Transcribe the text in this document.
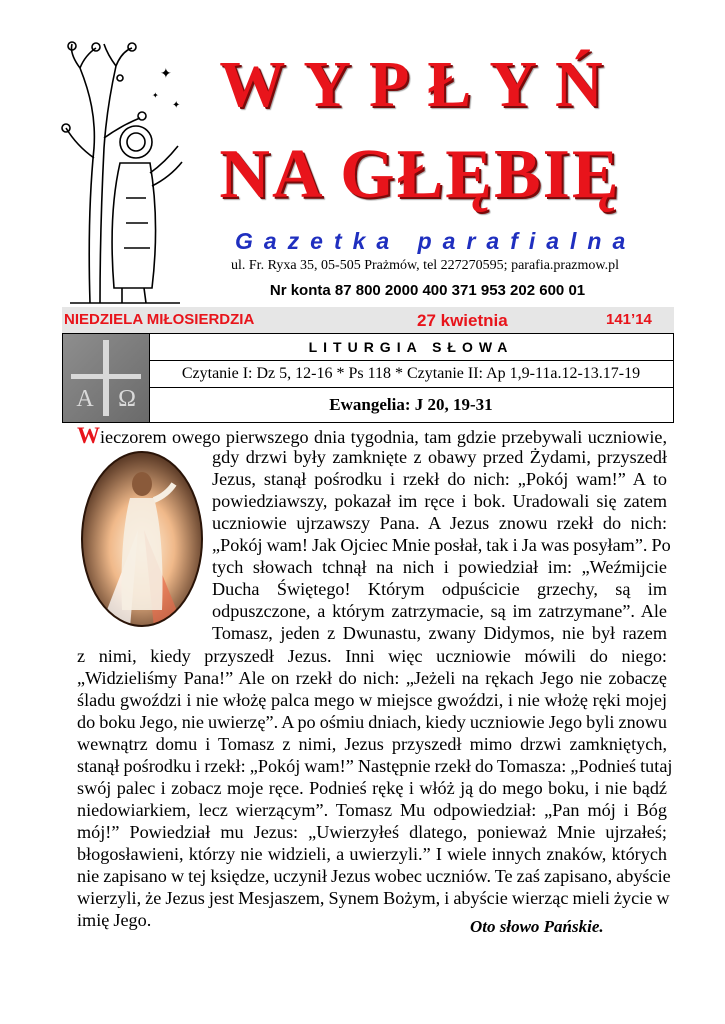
✦
✦
✦ WYPŁYŃ
NA GŁĘBIĘ
Gazetka parafialna
ul. Fr. Ryxa 35, 05-505 Prażmów, tel 227270595; parafia.prazmow.pl
Nr konta 87 800 2000 400 371 953 202 600 01
NIEDZIELA MIŁOSIERDZIA	27 kwietnia	141’14
A Ω
LITURGIA SŁOWA
Czytanie I: Dz 5, 12-16 * Ps 118 * Czytanie II: Ap 1,9-11a.12-13.17-19
Ewangelia: J 20, 19-31
Wieczorem owego pierwszego dnia tygodnia, tam gdzie przebywali uczniowie,
gdy drzwi były zamknięte z obawy przed Żydami, przyszedł
Jezus, stanął pośrodku i rzekł do nich: „Pokój wam!” A to
powiedziawszy, pokazał im ręce i bok. Uradowali się zatem
uczniowie ujrzawszy Pana. A Jezus znowu rzekł do nich:
„Pokój wam! Jak Ojciec Mnie posłał, tak i Ja was posyłam”. Po
tych słowach tchnął na nich i powiedział im: „Weźmijcie
Ducha Świętego! Którym odpuścicie grzechy, są im
odpuszczone, a którym zatrzymacie, są im zatrzymane”. Ale
Tomasz, jeden z Dwunastu, zwany Didymos, nie był razem
z nimi, kiedy przyszedł Jezus. Inni więc uczniowie mówili do niego:
„Widzieliśmy Pana!” Ale on rzekł do nich: „Jeżeli na rękach Jego nie zobaczę
śladu gwoździ i nie włożę palca mego w miejsce gwoździ, i nie włożę ręki mojej
do boku Jego, nie uwierzę”. A po ośmiu dniach, kiedy uczniowie Jego byli znowu
wewnątrz domu i Tomasz z nimi, Jezus przyszedł mimo drzwi zamkniętych,
stanął pośrodku i rzekł: „Pokój wam!” Następnie rzekł do Tomasza: „Podnieś tutaj
swój palec i zobacz moje ręce. Podnieś rękę i włóż ją do mego boku, i nie bądź
niedowiarkiem, lecz wierzącym”. Tomasz Mu odpowiedział: „Pan mój i Bóg
mój!” Powiedział mu Jezus: „Uwierzyłeś dlatego, ponieważ Mnie ujrzałeś;
błogosławieni, którzy nie widzieli, a uwierzyli.” I wiele innych znaków, których
nie zapisano w tej księdze, uczynił Jezus wobec uczniów. Te zaś zapisano, abyście
wierzyli, że Jezus jest Mesjaszem, Synem Bożym, i abyście wierząc mieli życie w
imię Jego.	Oto słowo Pańskie.
